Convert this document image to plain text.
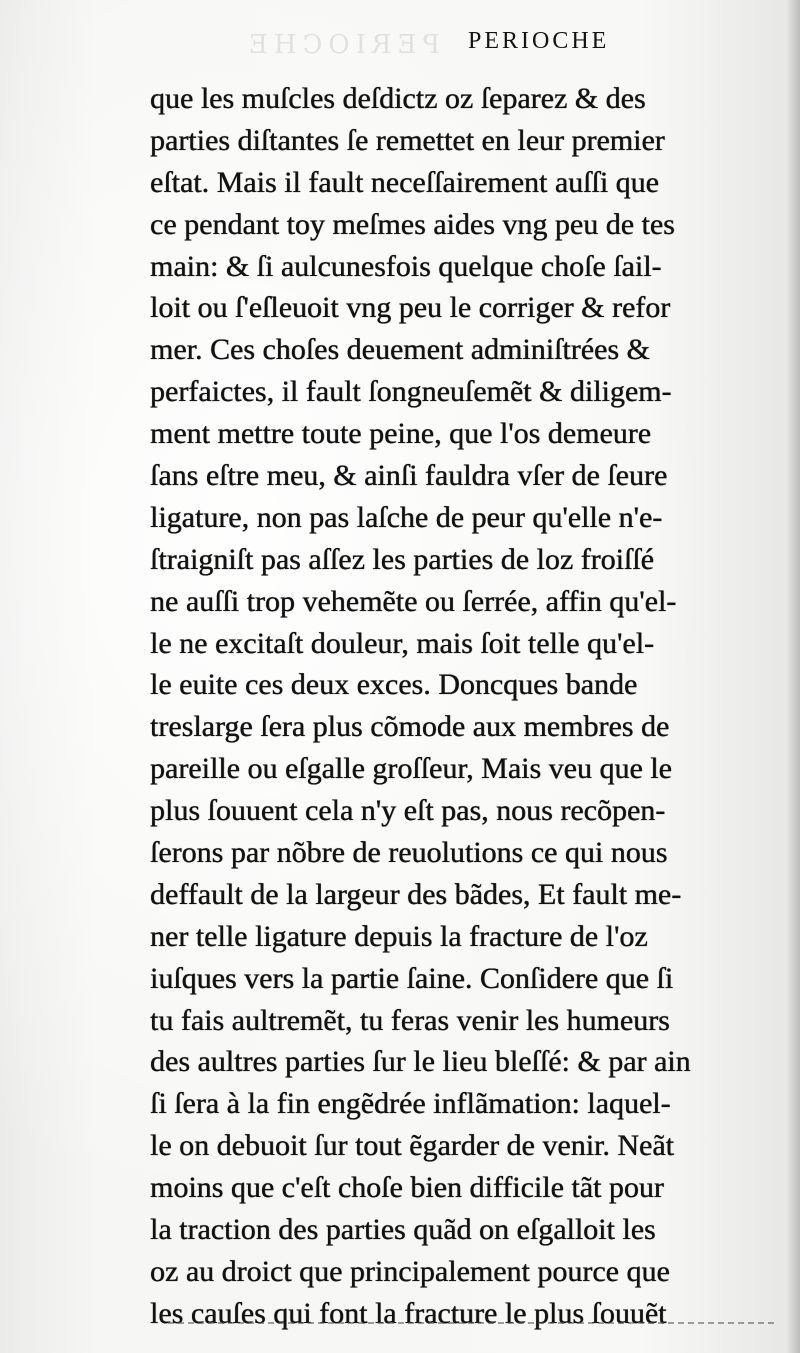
PERIOCHE PERIOCHE
que les muſcles deſdictz oz ſeparez & des
parties diſtantes ſe remettet en leur premier
eſtat. Mais il fault neceſſairement auſſi que
ce pendant toy meſmes aides vng peu de tes
main: & ſi aulcunesfois quelque choſe ſail-
loit ou ſ'eſleuoit vng peu le corriger & refor
mer. Ces choſes deuement adminiſtrées &
perfaictes, il fault ſongneuſemẽt & diligem-
ment mettre toute peine, que l'os demeure
ſans eſtre meu, & ainſi fauldra vſer de ſeure
ligature, non pas laſche de peur qu'elle n'e-
ſtraigniſt pas aſſez les parties de loz froiſſé
ne auſſi trop vehemẽte ou ſerrée, affin qu'el-
le ne excitaſt douleur, mais ſoit telle qu'el-
le euite ces deux exces. Doncques bande
treslarge ſera plus cõmode aux membres de
pareille ou eſgalle groſſeur, Mais veu que le
plus ſouuent cela n'y eſt pas, nous recõpen-
ſerons par nõbre de reuolutions ce qui nous
deffault de la largeur des bãdes, Et fault me-
ner telle ligature depuis la fracture de l'oz
iuſques vers la partie ſaine. Conſidere que ſi
tu fais aultremẽt, tu feras venir les humeurs
des aultres parties ſur le lieu bleſſé: & par ain
ſi ſera à la fin engẽdrée inflãmation: laquel-
le on debuoit ſur tout ẽgarder de venir. Neãt
moins que c'eſt choſe bien difficile tãt pour
la traction des parties quãd on eſgalloit les
oz au droict que principalement pource que
les cauſes qui font la fracture le plus ſouuẽt
